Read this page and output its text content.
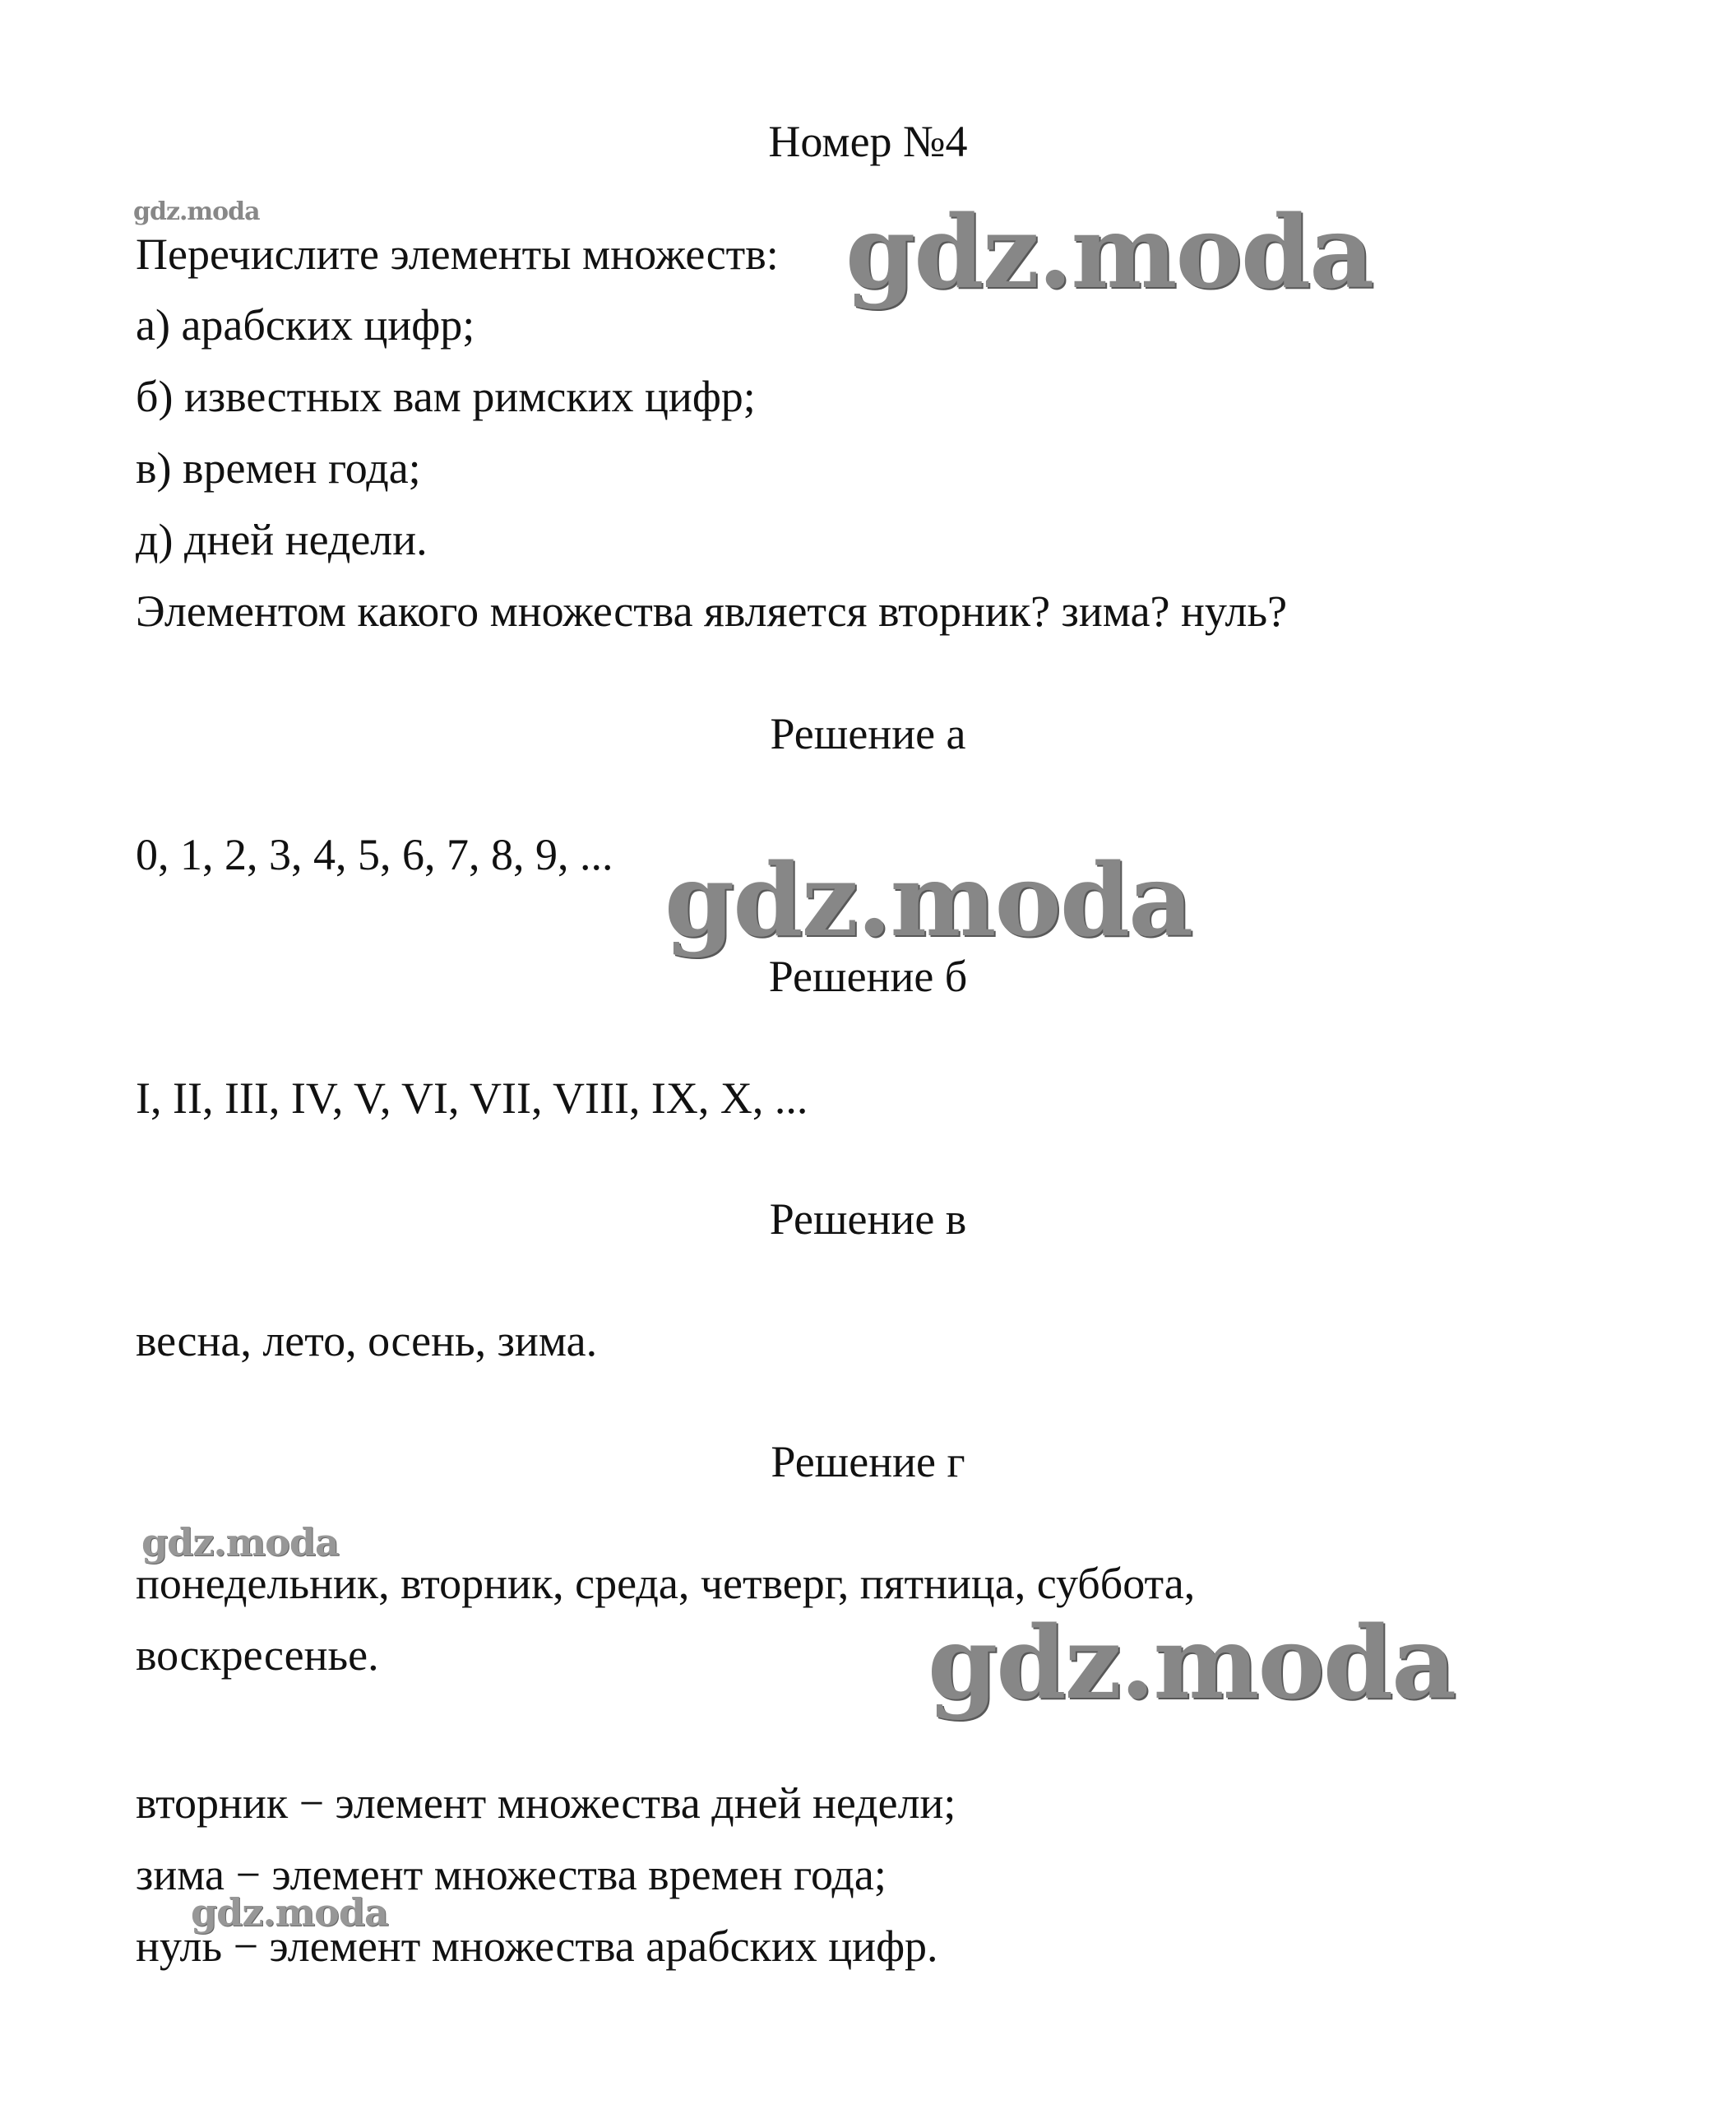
Номер №4
gdz.moda	gdz.moda
gdz.moda
gdz.moda
gdz.moda
gdz.moda
Перечислите элементы множеств:
а) арабских цифр;
б) известных вам римских цифр;
в) времен года;
д) дней недели.
Элементом какого множества является вторник? зима? нуль?
Решение а
0, 1, 2, 3, 4, 5, 6, 7, 8, 9, ...
Решение б
I, II, III, IV, V, VI, VII, VIII, IX, X, ...
Решение в
весна, лето, осень, зима.
Решение г
понедельник, вторник, среда, четверг, пятница, суббота,
воскресенье.
вторник − элемент множества дней недели;
зима − элемент множества времен года;
нуль − элемент множества арабских цифр.
